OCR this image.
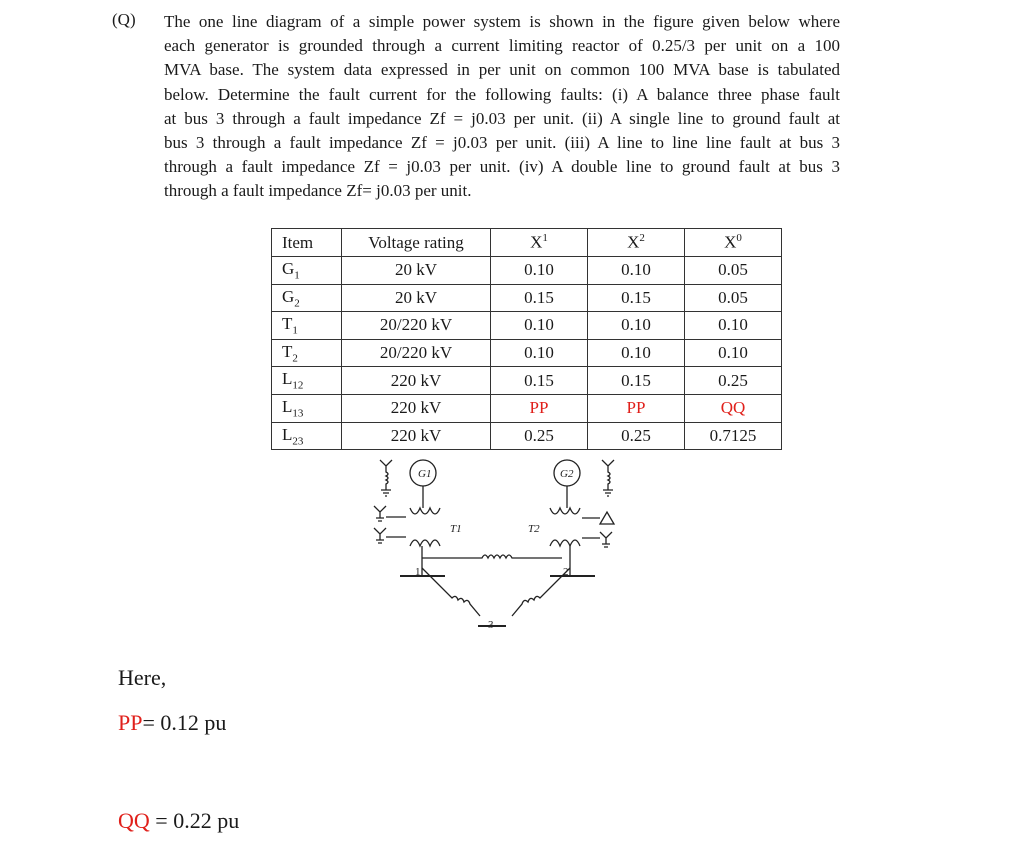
(Q) The one line diagram of a simple power system is shown in the figure given below where
each generator is grounded through a current limiting reactor of 0.25/3 per unit on a 100
MVA base. The system data expressed in per unit on common 100 MVA base is tabulated
below. Determine the fault current for the following faults: (i) A balance three phase fault
at bus 3 through a fault impedance Zf = j0.03 per unit. (ii) A single line to ground fault at
bus 3 through a fault impedance Zf = j0.03 per unit. (iii) A line to line line fault at bus 3
through a fault impedance Zf = j0.03 per unit. (iv) A double line to ground fault at bus 3
through a fault impedance Zf= j0.03 per unit.
Item	Voltage rating	$X^1$	$X^2$	$X^0$
$G_1$	20 kV	0.10	0.10	0.05
$G_2$	20 kV	0.15	0.15	0.05
$T_1$	20/220 kV	0.10	0.10	0.10
$T_2$	20/220 kV	0.10	0.10	0.10
$L_{12}$	220 kV	0.15	0.15	0.25
$L_{13}$	220 kV	PP	PP	QQ
$L_{23}$	220 kV	0.25	0.25	0.7125
G1	G2
T1	T2
1	2
3
Here,
PP= 0.12 pu
QQ = 0.22 pu
